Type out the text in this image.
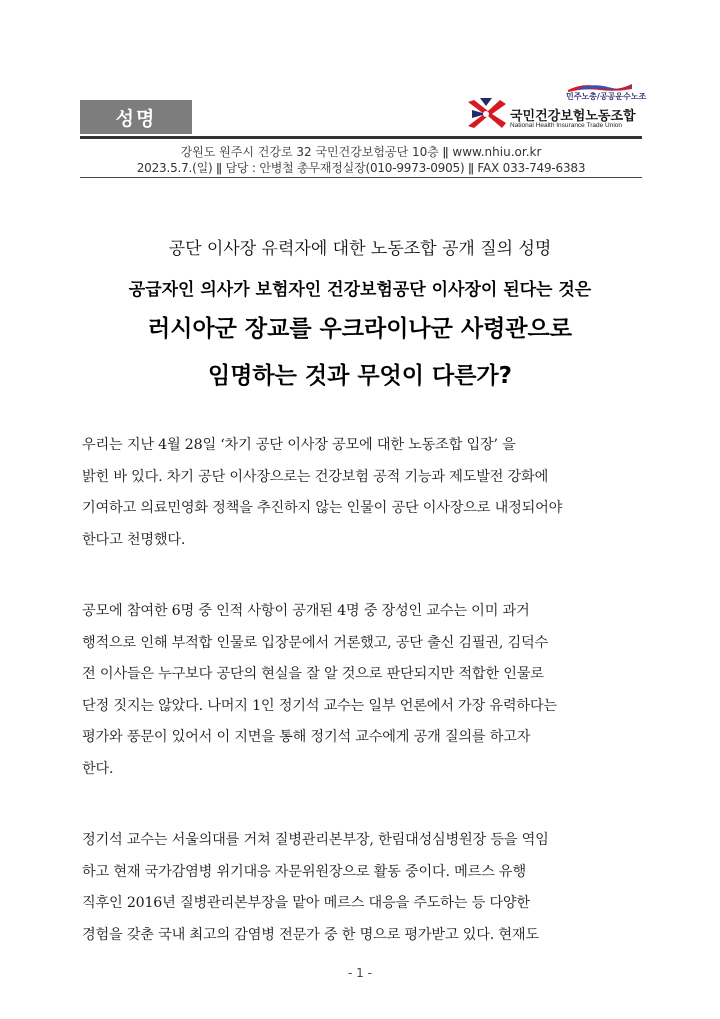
성명
민주노총/공공운수노조
국민건강보험노동조합
National Health Insurance Trade Union
강원도 원주시 건강로 32 국민건강보험공단 10층 ǁ www.nhiu.or.kr
2023.5.7.(일) ǁ 담당 : 안병철 총무재정실장(010-9973-0905) ǁ FAX 033-749-6383

공단 이사장 유력자에 대한 노동조합 공개 질의 성명

공급자인 의사가 보험자인 건강보험공단 이사장이 된다는 것은

러시아군 장교를 우크라이나군 사령관으로

임명하는 것과 무엇이 다른가?

우리는 지난 4월 28일 ‘차기 공단 이사장 공모에 대한 노동조합 입장’ 을
밝힌 바 있다. 차기 공단 이사장으로는 건강보험 공적 기능과 제도발전 강화에
기여하고 의료민영화 정책을 추진하지 않는 인물이 공단 이사장으로 내정되어야
한다고 천명했다.

공모에 참여한 6명 중 인적 사항이 공개된 4명 중 장성인 교수는 이미 과거
행적으로 인해 부적합 인물로 입장문에서 거론했고, 공단 출신 김필권, 김덕수
전 이사들은 누구보다 공단의 현실을 잘 알 것으로 판단되지만 적합한 인물로
단정 짓지는 않았다. 나머지 1인 정기석 교수는 일부 언론에서 가장 유력하다는
평가와 풍문이 있어서 이 지면을 통해 정기석 교수에게 공개 질의를 하고자
한다.

정기석 교수는 서울의대를 거쳐 질병관리본부장, 한림대성심병원장 등을 역임
하고 현재 국가감염병 위기대응 자문위원장으로 활동 중이다. 메르스 유행
직후인 2016년 질병관리본부장을 맡아 메르스 대응을 주도하는 등 다양한
경험을 갖춘 국내 최고의 감염병 전문가 중 한 명으로 평가받고 있다. 현재도

- 1 -
